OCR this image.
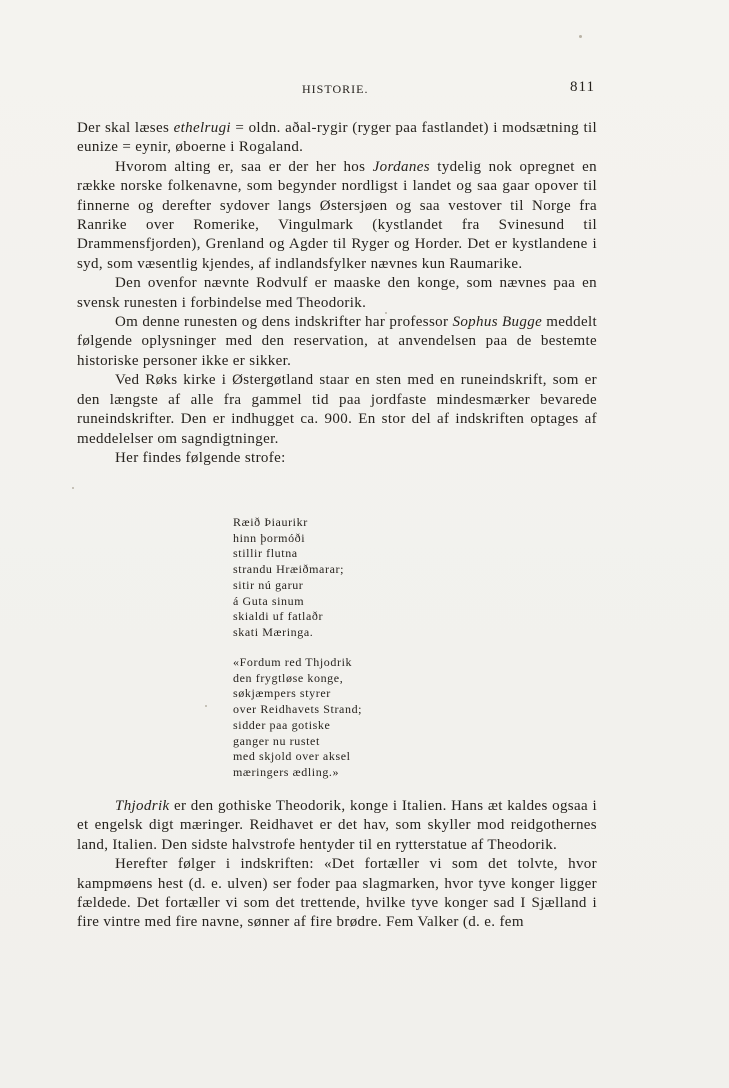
HISTORIE.	811

Der skal læses ethelrugi = oldn. aðal-rygir (ryger paa fastlandet) i modsætning til eunize = eynir, øboerne i Rogaland.

Hvorom alting er, saa er der her hos Jordanes tydelig nok opregnet en række norske folkenavne, som begynder nordligst i landet og saa gaar opover til finnerne og derefter sydover langs Østersjøen og saa vestover til Norge fra Ranrike over Romerike, Vingulmark (kystlandet fra Svinesund til Drammensfjorden), Grenland og Agder til Ryger og Horder. Det er kystlandene i syd, som væsentlig kjendes, af indlandsfylker nævnes kun Raumarike.

Den ovenfor nævnte Rodvulf er maaske den konge, som nævnes paa en svensk runesten i forbindelse med Theodorik.

Om denne runesten og dens indskrifter har professor Sophus Bugge meddelt følgende oplysninger med den reservation, at anvendelsen paa de bestemte historiske personer ikke er sikker.

Ved Røks kirke i Østergøtland staar en sten med en runeindskrift, som er den længste af alle fra gammel tid paa jordfaste mindesmærker bevarede runeindskrifter. Den er indhugget ca. 900. En stor del af indskriften optages af meddelelser om sagndigtninger.

Her findes følgende strofe:

Ræið Þiaurikr
hinn þormóði
stillir flutna
strandu Hræiðmarar;
sitir nú garur
á Guta sinum
skialdi uf fatlaðr
skati Mæringa.
«Fordum red Thjodrik
den frygtløse konge,
søkjæmpers styrer
over Reidhavets Strand;
sidder paa gotiske
ganger nu rustet
med skjold over aksel
mæringers ædling.»

Thjodrik er den gothiske Theodorik, konge i Italien. Hans æt kaldes ogsaa i et engelsk digt mæringer. Reidhavet er det hav, som skyller mod reidgothernes land, Italien. Den sidste halvstrofe hentyder til en rytterstatue af Theodorik.

Herefter følger i indskriften: «Det fortæller vi som det tolvte, hvor kampmøens hest (d. e. ulven) ser foder paa slagmarken, hvor tyve konger ligger fældede. Det fortæller vi som det trettende, hvilke tyve konger sad I Sjælland i fire vintre med fire navne, sønner af fire brødre. Fem Valker (d. e. fem
